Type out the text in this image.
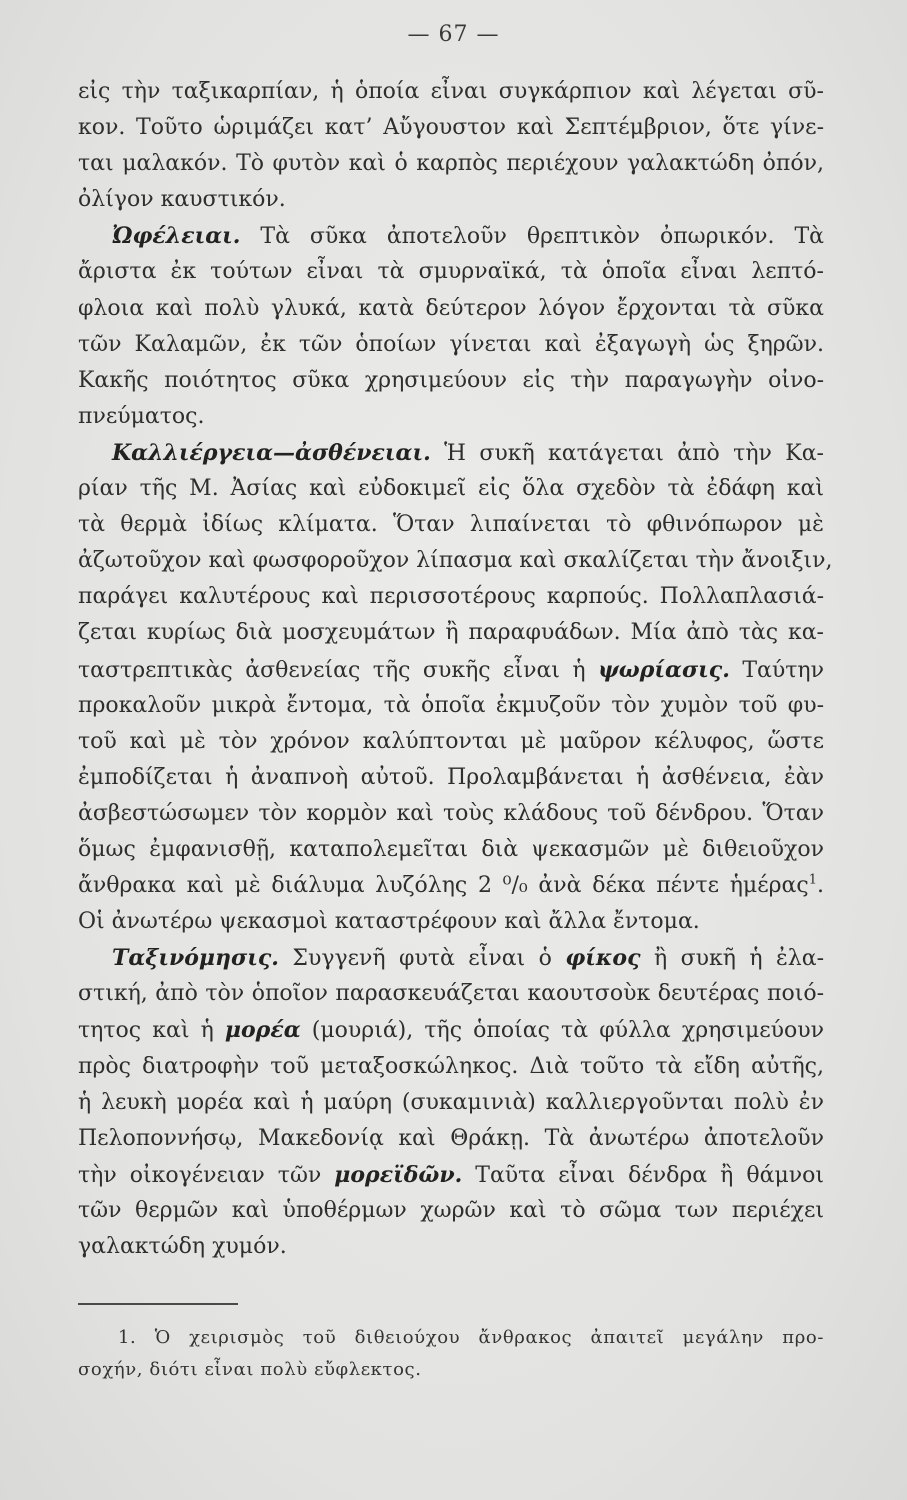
— 67 —
εἰς τὴν ταξικαρπίαν, ἡ ὁποία εἶναι συγκάρπιον καὶ λέγεται σῦ-
κον. Τοῦτο ὡριμάζει κατ’ Αὔγουστον καὶ Σεπτέμβριον, ὅτε γίνε-
ται μαλακόν. Τὸ φυτὸν καὶ ὁ καρπὸς περιέχουν γαλακτώδη ὀπόν,
ὀλίγον καυστικόν.
Ὠφέλειαι. Τὰ σῦκα ἀποτελοῦν θρεπτικὸν ὀπωρικόν. Τὰ
ἄριστα ἐκ τούτων εἶναι τὰ σμυρναϊκά, τὰ ὁποῖα εἶναι λεπτό-
φλοια καὶ πολὺ γλυκά, κατὰ δεύτερον λόγον ἔρχονται τὰ σῦκα
τῶν Καλαμῶν, ἐκ τῶν ὁποίων γίνεται καὶ ἐξαγωγὴ ὡς ξηρῶν.
Κακῆς ποιότητος σῦκα χρησιμεύουν εἰς τὴν παραγωγὴν οἰνο-
πνεύματος.
Καλλιέργεια—ἀσθένειαι. Ἡ συκῆ κατάγεται ἀπὸ τὴν Κα-
ρίαν τῆς Μ. Ἀσίας καὶ εὐδοκιμεῖ εἰς ὅλα σχεδὸν τὰ ἐδάφη καὶ
τὰ θερμὰ ἰδίως κλίματα. Ὅταν λιπαίνεται τὸ φθινόπωρον μὲ
ἀζωτοῦχον καὶ φωσφοροῦχον λίπασμα καὶ σκαλίζεται τὴν ἄνοιξιν,
παράγει καλυτέρους καὶ περισσοτέρους καρπούς. Πολλαπλασιά-
ζεται κυρίως διὰ μοσχευμάτων ἢ παραφυάδων. Μία ἀπὸ τὰς κα-
ταστρεπτικὰς ἀσθενείας τῆς συκῆς εἶναι ἡ ψωρίασις. Ταύτην
προκαλοῦν μικρὰ ἔντομα, τὰ ὁποῖα ἐκμυζοῦν τὸν χυμὸν τοῦ φυ-
τοῦ καὶ μὲ τὸν χρόνον καλύπτονται μὲ μαῦρον κέλυφος, ὥστε
ἐμποδίζεται ἡ ἀναπνοὴ αὐτοῦ. Προλαμβάνεται ἡ ἀσθένεια, ἐὰν
ἀσβεστώσωμεν τὸν κορμὸν καὶ τοὺς κλάδους τοῦ δένδρου. Ὅταν
ὅμως ἐμφανισθῇ, καταπολεμεῖται διὰ ψεκασμῶν μὲ διθειοῦχον
ἄνθρακα καὶ μὲ διάλυμα λυζόλης 2 ⁰/₀ ἀνὰ δέκα πέντε ἡμέρας$^1$.
Οἱ ἀνωτέρω ψεκασμοὶ καταστρέφουν καὶ ἄλλα ἔντομα.
Ταξινόμησις. Συγγενῆ φυτὰ εἶναι ὁ φίκος ἢ συκῆ ἡ ἐλα-
στική, ἀπὸ τὸν ὁποῖον παρασκευάζεται καουτσοὺκ δευτέρας ποιό-
τητος καὶ ἡ μορέα (μουριά), τῆς ὁποίας τὰ φύλλα χρησιμεύουν
πρὸς διατροφὴν τοῦ μεταξοσκώληκος. Διὰ τοῦτο τὰ εἴδη αὐτῆς,
ἡ λευκὴ μορέα καὶ ἡ μαύρη (συκαμινιὰ) καλλιεργοῦνται πολὺ ἐν
Πελοποννήσῳ, Μακεδονίᾳ καὶ Θράκῃ. Τὰ ἀνωτέρω ἀποτελοῦν
τὴν οἰκογένειαν τῶν μορεϊδῶν. Ταῦτα εἶναι δένδρα ἢ θάμνοι
τῶν θερμῶν καὶ ὑποθέρμων χωρῶν καὶ τὸ σῶμα των περιέχει
γαλακτώδη χυμόν.
1. Ὁ χειρισμὸς τοῦ διθειούχου ἄνθρακος ἀπαιτεῖ μεγάλην προ-
σοχήν, διότι εἶναι πολὺ εὔφλεκτος.
